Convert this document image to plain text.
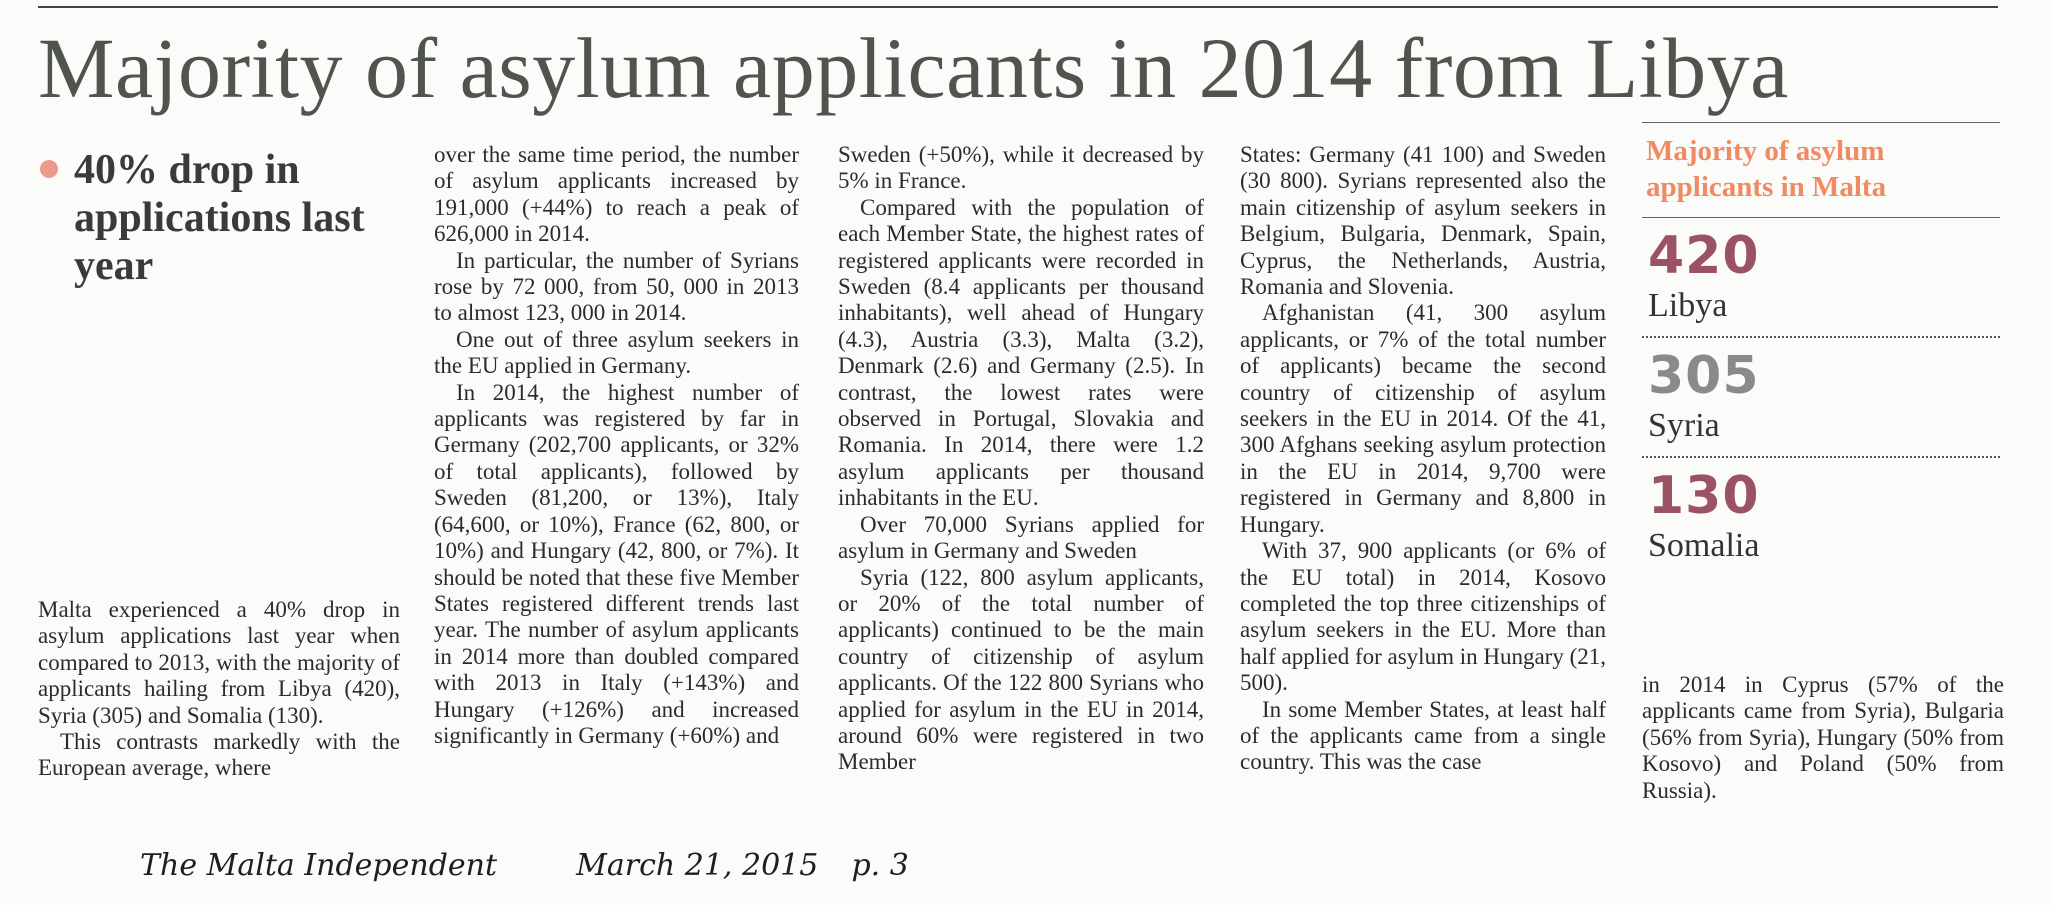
Majority of asylum applicants in 2014 from Libya
40% drop in applications last year

Malta experienced a 40% drop in asylum applications last year when compared to 2013, with the majority of applicants hailing from Libya (420), Syria (305) and Somalia (130).

This contrasts markedly with the European average, where

over the same time period, the number of asylum applicants increased by 191,000 (+44%) to reach a peak of 626,000 in 2014.

In particular, the number of Syrians rose by 72 000, from 50, 000 in 2013 to almost 123, 000 in 2014.

One out of three asylum seekers in the EU applied in Germany.

In 2014, the highest number of applicants was registered by far in Germany (202,700 applicants, or 32% of total applicants), followed by Sweden (81,200, or 13%), Italy (64,600, or 10%), France (62, 800, or 10%) and Hungary (42, 800, or 7%). It should be noted that these five Member States registered different trends last year. The number of asylum applicants in 2014 more than doubled compared with 2013 in Italy (+143%) and Hungary (+126%) and increased significantly in Germany (+60%) and

Sweden (+50%), while it decreased by 5% in France.

Compared with the population of each Member State, the highest rates of registered applicants were recorded in Sweden (8.4 applicants per thousand inhabitants), well ahead of Hungary (4.3), Austria (3.3), Malta (3.2), Denmark (2.6) and Germany (2.5). In contrast, the lowest rates were observed in Portugal, Slovakia and Romania. In 2014, there were 1.2 asylum applicants per thousand inhabitants in the EU.

Over 70,000 Syrians applied for asylum in Germany and Sweden

Syria (122, 800 asylum applicants, or 20% of the total number of applicants) continued to be the main country of citizenship of asylum applicants. Of the 122 800 Syrians who applied for asylum in the EU in 2014, around 60% were registered in two Member

States: Germany (41 100) and Sweden (30 800). Syrians represented also the main citizenship of asylum seekers in Belgium, Bulgaria, Denmark, Spain, Cyprus, the Netherlands, Austria, Romania and Slovenia.

Afghanistan (41, 300 asylum applicants, or 7% of the total number of applicants) became the second country of citizenship of asylum seekers in the EU in 2014. Of the 41, 300 Afghans seeking asylum protection in the EU in 2014, 9,700 were registered in Germany and 8,800 in Hungary.

With 37, 900 applicants (or 6% of the EU total) in 2014, Kosovo completed the top three citizenships of asylum seekers in the EU. More than half applied for asylum in Hungary (21, 500).

In some Member States, at least half of the applicants came from a single country. This was the case

in 2014 in Cyprus (57% of the applicants came from Syria), Bulgaria (56% from Syria), Hungary (50% from Kosovo) and Poland (50% from Russia).

Majority of asylum applicants in Malta
420
Libya
305
Syria
130
Somalia
The Malta Independent	March 21, 2015 p. 3
